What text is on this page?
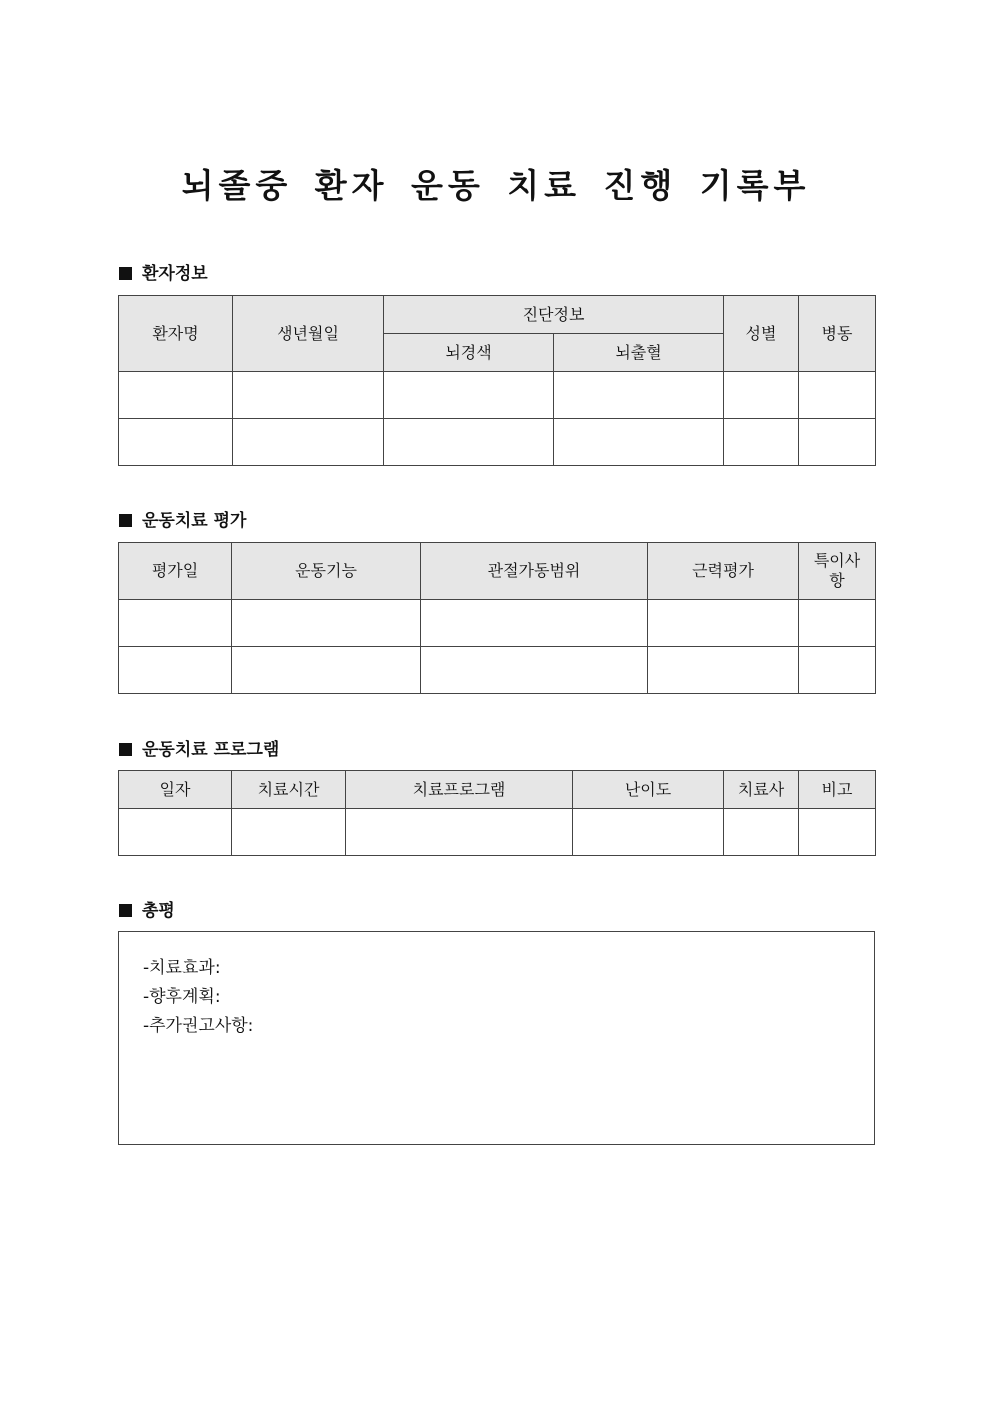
뇌졸중 환자 운동 치료 진행 기록부
환자정보
환자명	생년월일	진단정보		성별	병동
		뇌경색	뇌출혈		

운동치료 평가
평가일	운동기능	관절가동범위	근력평가	특이사
항

운동치료 프로그램
일자	치료시간	치료프로그램	난이도	치료사	비고

총평
-치료효과:
-향후계획:
-추가권고사항:
